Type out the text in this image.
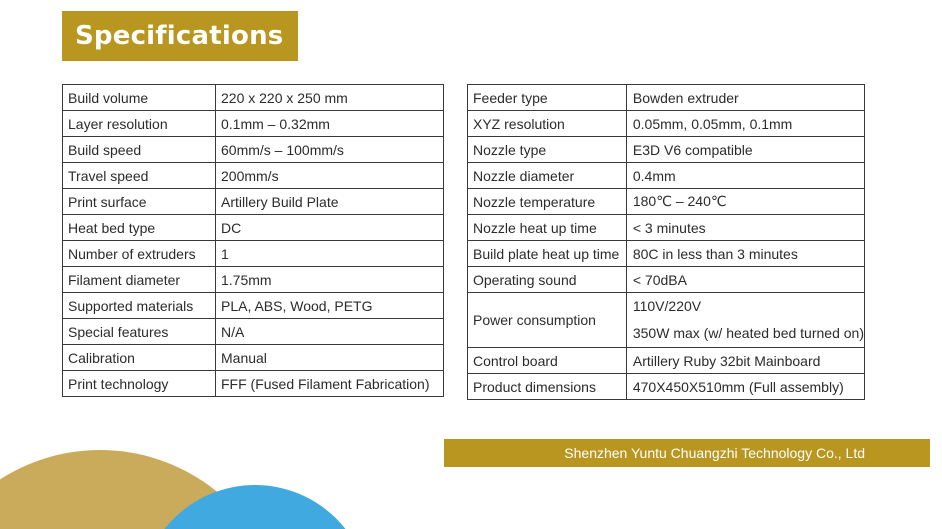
Specifications
Build volume	220 x 220 x 250 mm
Layer resolution	0.1mm – 0.32mm
Build speed	60mm/s – 100mm/s
Travel speed	200mm/s
Print surface	Artillery Build Plate
Heat bed type	DC
Number of extruders	1
Filament diameter	1.75mm
Supported materials	PLA, ABS, Wood, PETG
Special features	N/A
Calibration	Manual
Print technology	FFF (Fused Filament Fabrication)
Feeder type	Bowden extruder
XYZ resolution	0.05mm, 0.05mm, 0.1mm
Nozzle type	E3D V6 compatible
Nozzle diameter	0.4mm
Nozzle temperature	180℃ – 240℃
Nozzle heat up time	< 3 minutes
Build plate heat up time	80C in less than 3 minutes
Operating sound	< 70dBA
Power consumption	110V/220V
350W max (w/ heated bed turned on)

Control board	Artillery Ruby 32bit Mainboard
Product dimensions	470X450X510mm (Full assembly)
Shenzhen Yuntu Chuangzhi Technology Co., Ltd
